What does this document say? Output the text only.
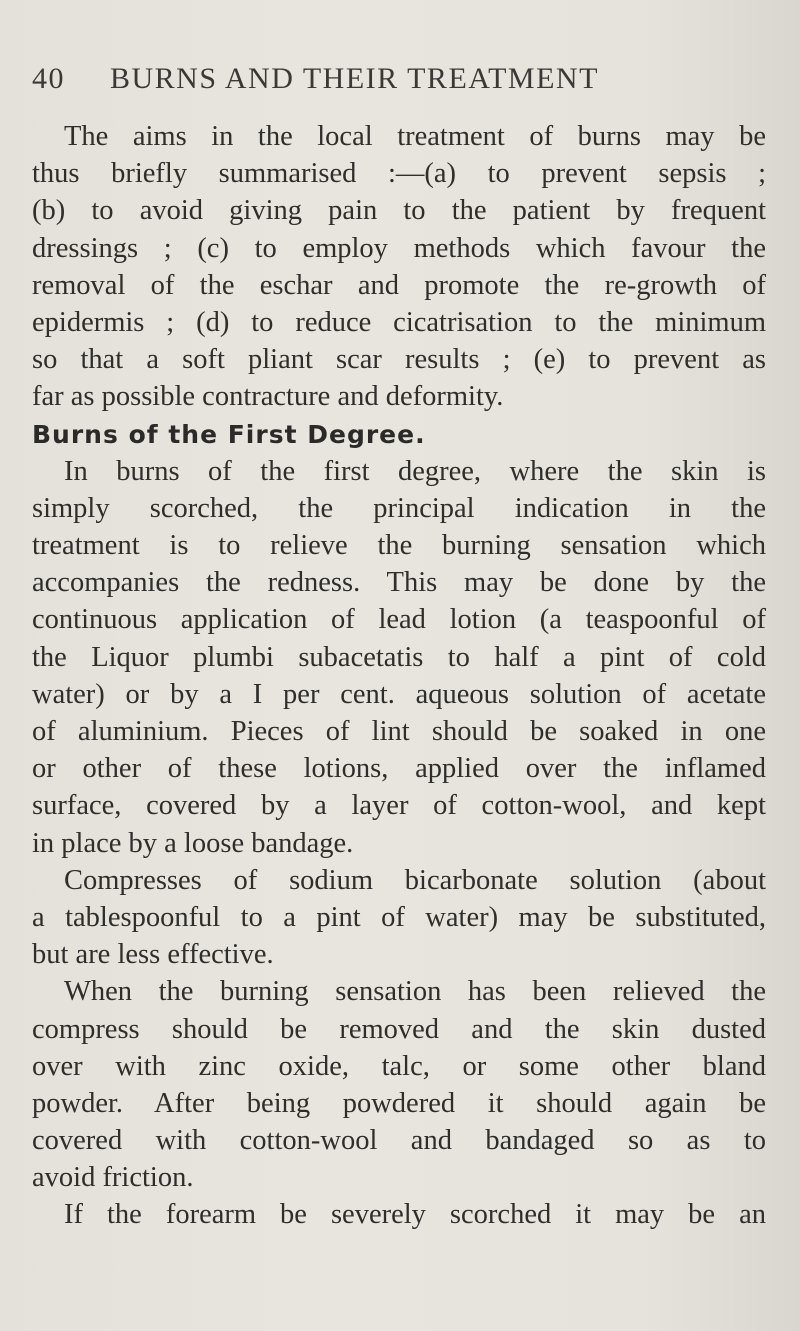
40 BURNS AND THEIR TREATMENT
The aims in the local treatment of burns may be
thus briefly summarised :—(a) to prevent sepsis ;
(b) to avoid giving pain to the patient by frequent
dressings ; (c) to employ methods which favour the
removal of the eschar and promote the re-growth of
epidermis ; (d) to reduce cicatrisation to the minimum
so that a soft pliant scar results ; (e) to prevent as
far as possible contracture and deformity.
Burns of the First Degree.
In burns of the first degree, where the skin is
simply scorched, the principal indication in the
treatment is to relieve the burning sensation which
accompanies the redness. This may be done by the
continuous application of lead lotion (a teaspoonful of
the Liquor plumbi subacetatis to half a pint of cold
water) or by a I per cent. aqueous solution of acetate
of aluminium. Pieces of lint should be soaked in one
or other of these lotions, applied over the inflamed
surface, covered by a layer of cotton-wool, and kept
in place by a loose bandage.
Compresses of sodium bicarbonate solution (about
a tablespoonful to a pint of water) may be substituted,
but are less effective.
When the burning sensation has been relieved the
compress should be removed and the skin dusted
over with zinc oxide, talc, or some other bland
powder. After being powdered it should again be
covered with cotton-wool and bandaged so as to
avoid friction.
If the forearm be severely scorched it may be an
